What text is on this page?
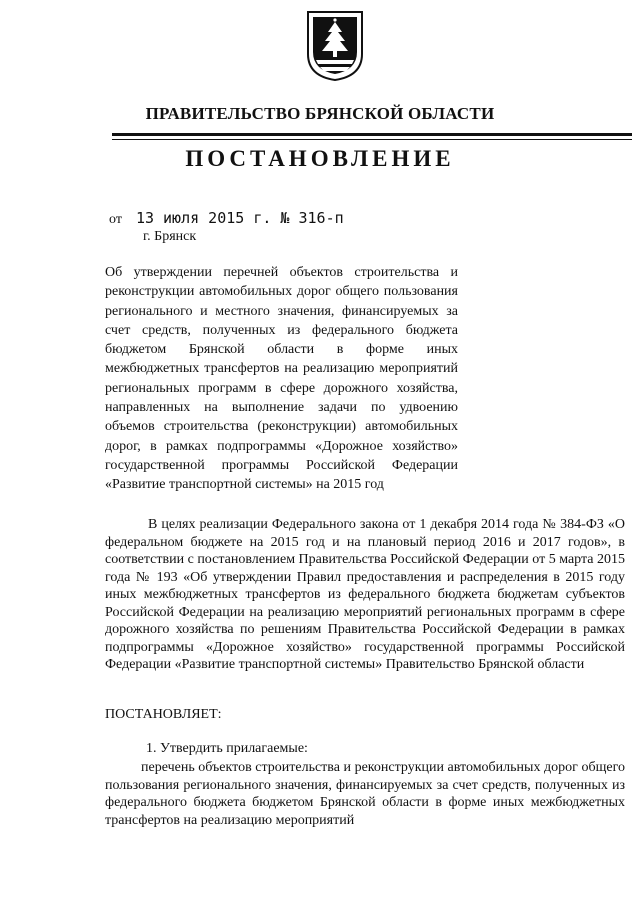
ПРАВИТЕЛЬСТВО БРЯНСКОЙ ОБЛАСТИ
ПОСТАНОВЛЕНИЕ
от 13 июля 2015 г. № 316-п
г. Брянск
Об утверждении перечней объектов строительства и реконструкции автомобильных дорог общего пользования регионального и местного значения, финансируемых за счет средств, полученных из федерального бюджета бюджетом Брянской области в форме иных межбюджетных трансфертов на реализацию мероприятий региональных программ в сфере дорожного хозяйства, направленных на выполнение задачи по удвоению объемов строительства (реконструкции) автомобильных дорог, в рамках подпрограммы «Дорожное хозяйство» государственной программы Российской Федерации «Развитие транспортной системы» на 2015 год
В целях реализации Федерального закона от 1 декабря 2014 года № 384-ФЗ «О федеральном бюджете на 2015 год и на плановый период 2016 и 2017 годов», в соответствии с постановлением Правительства Российской Федерации от 5 марта 2015 года № 193 «Об утверждении Правил предоставления и распределения в 2015 году иных межбюджетных трансфертов из федерального бюджета бюджетам субъектов Российской Федерации на реализацию мероприятий региональных программ в сфере дорожного хозяйства по решениям Правительства Российской Федерации в рамках подпрограммы «Дорожное хозяйство» государственной программы Российской Федерации «Развитие транспортной системы» Правительство Брянской области
ПОСТАНОВЛЯЕТ:
1. Утвердить прилагаемые:
перечень объектов строительства и реконструкции автомобильных дорог общего пользования регионального значения, финансируемых за счет средств, полученных из федерального бюджета бюджетом Брянской области в форме иных межбюджетных трансфертов на реализацию мероприятий
